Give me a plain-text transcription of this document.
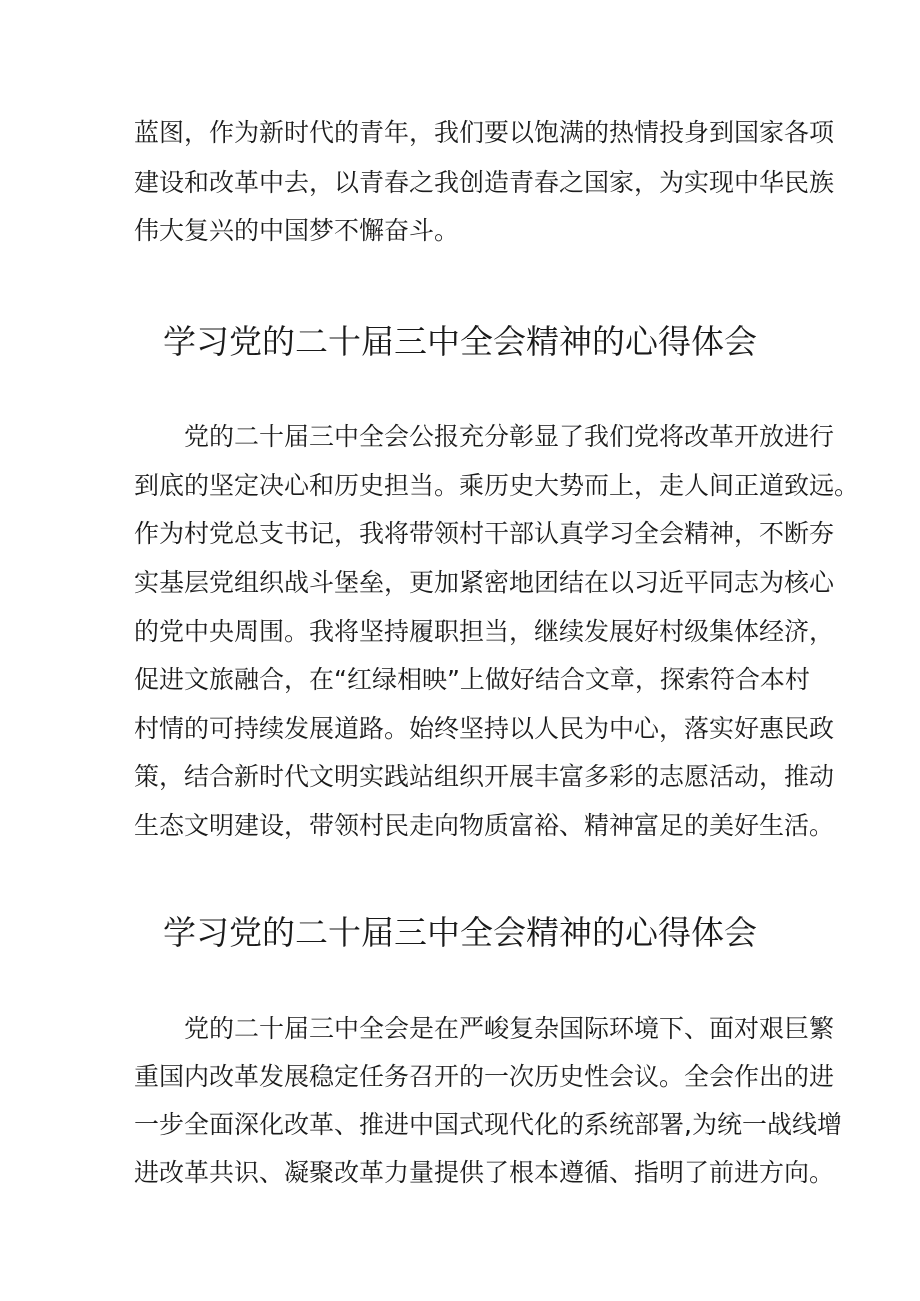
蓝图，作为新时代的青年，我们要以饱满的热情投身到国家各项
建设和改革中去，以青春之我创造青春之国家，为实现中华民族
伟大复兴的中国梦不懈奋斗。
学习党的二十届三中全会精神的心得体会
　　党的二十届三中全会公报充分彰显了我们党将改革开放进行
到底的坚定决心和历史担当。乘历史大势而上，走人间正道致远。
作为村党总支书记，我将带领村干部认真学习全会精神，不断夯
实基层党组织战斗堡垒，更加紧密地团结在以习近平同志为核心
的党中央周围。我将坚持履职担当，继续发展好村级集体经济，
促进文旅融合，在“红绿相映”上做好结合文章，探索符合本村
村情的可持续发展道路。始终坚持以人民为中心，落实好惠民政
策，结合新时代文明实践站组织开展丰富多彩的志愿活动，推动
生态文明建设，带领村民走向物质富裕、精神富足的美好生活。
学习党的二十届三中全会精神的心得体会
　　党的二十届三中全会是在严峻复杂国际环境下、面对艰巨繁
重国内改革发展稳定任务召开的一次历史性会议。全会作出的进
一步全面深化改革、推进中国式现代化的系统部署,为统一战线增
进改革共识、凝聚改革力量提供了根本遵循、指明了前进方向。
